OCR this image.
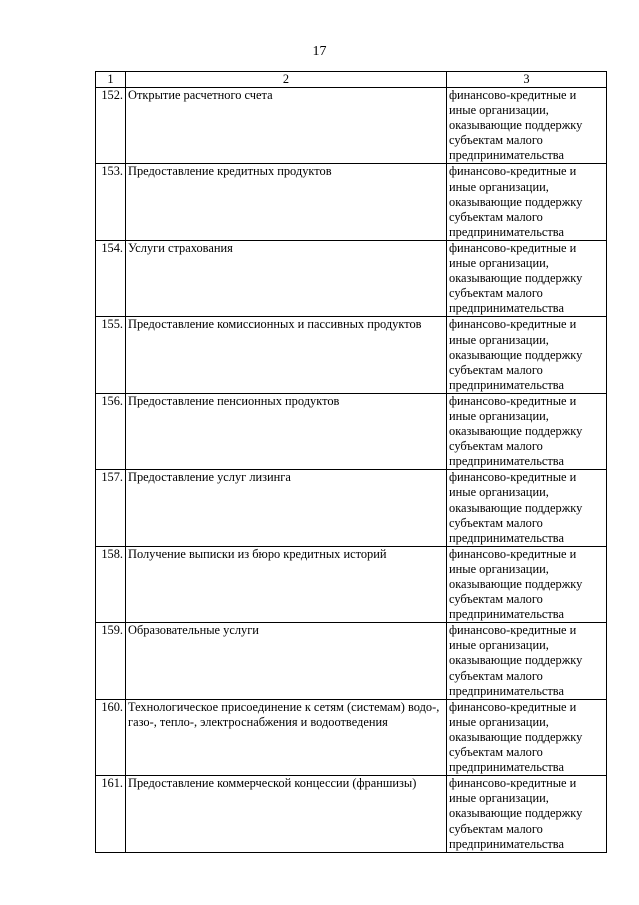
17
1	2	3
152.	Открытие расчетного счета	финансово-кредитные и иные организации, оказывающие поддержку субъектам малого предпринимательства
153.	Предоставление кредитных продуктов	финансово-кредитные и иные организации, оказывающие поддержку субъектам малого предпринимательства
154.	Услуги страхования	финансово-кредитные и иные организации, оказывающие поддержку субъектам малого предпринимательства
155.	Предоставление комиссионных и пассивных продуктов	финансово-кредитные и иные организации, оказывающие поддержку субъектам малого предпринимательства
156.	Предоставление пенсионных продуктов	финансово-кредитные и иные организации, оказывающие поддержку субъектам малого предпринимательства
157.	Предоставление услуг лизинга	финансово-кредитные и иные организации, оказывающие поддержку субъектам малого предпринимательства
158.	Получение выписки из бюро кредитных историй	финансово-кредитные и иные организации, оказывающие поддержку субъектам малого предпринимательства
159.	Образовательные услуги	финансово-кредитные и иные организации, оказывающие поддержку субъектам малого предпринимательства
160.	Технологическое присоединение к сетям (системам) водо-, газо-, тепло-, электроснабжения и водоотведения	финансово-кредитные и иные организации, оказывающие поддержку субъектам малого предпринимательства
161.	Предоставление коммерческой концессии (франшизы)	финансово-кредитные и иные организации, оказывающие поддержку субъектам малого предпринимательства
